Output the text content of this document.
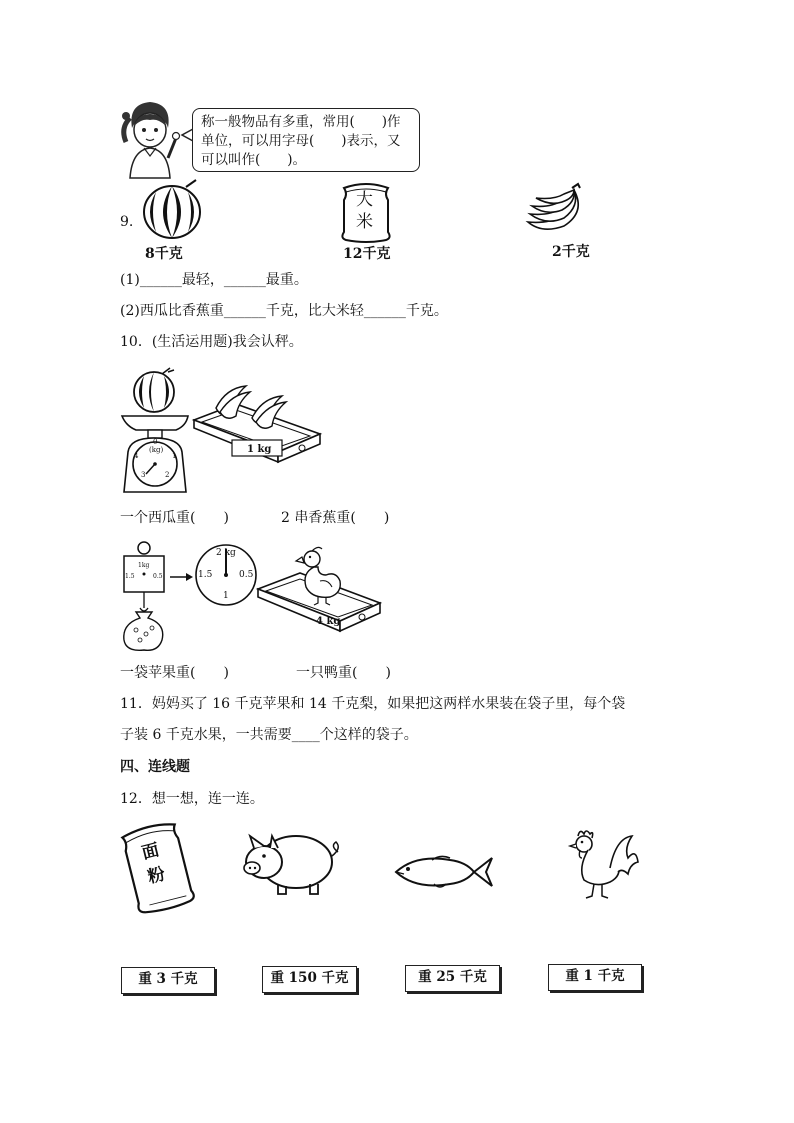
称一般物品有多重，常用(　　)作
单位，可以用字母(　　)表示，又
可以叫作(　　)。
9.
8千克
大
米
12千克	2千克
(1)______最轻，______最重。
(2)西瓜比香蕉重______千克，比大米轻______千克。
10．(生活运用题)我会认秤。
(kg)
0
1
2
3
4
1 kg
一个西瓜重(　　)	2 串香蕉重(　　)
1kg
1.5	0.5
2 kg
1.5	0.5
1
4 kg
一袋苹果重(　　)	一只鸭重(　　)
11．妈妈买了 16 千克苹果和 14 千克梨，如果把这两样水果装在袋子里，每个袋
子装 6 千克水果，一共需要____个这样的袋子。
四、连线题
12．想一想，连一连。
面
粉
重 3 千克	重 150 千克	重 25 千克	重 1 千克
